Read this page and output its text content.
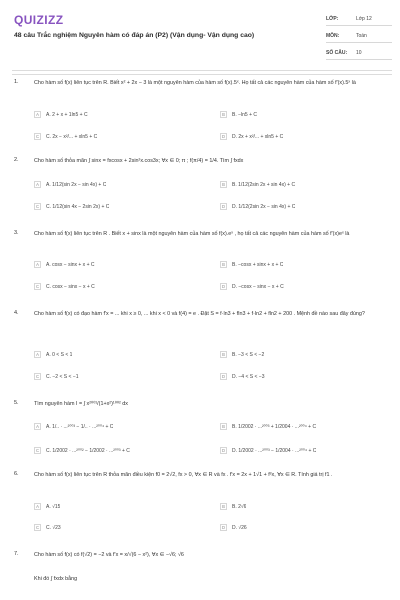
QUIZIZZ
48 câu Trắc nghiệm Nguyên hàm có đáp án (P2) (Vận dụng- Vận dụng cao)
LỚP:	Lớp 12
MÔN:	Toán
SỐ CÂU:	10
1.	Cho hàm số f(x) liên tục trên R. Biết x² + 2x − 3 là một nguyên hàm của hàm số f(x).5ˣ. Họ tất cả các nguyên hàm của hàm số f'(x).5ˣ là
A	A. 2 + x + 1ln5 + C	B	B. −ln5 + C
C	C. 2x − x²/... + xln5 + C	D	D. 2x + x²/... + xln5 + C
2.	Cho hàm số thỏa mãn ∫ sinx = fxcosx + 2sin²x.cos3x; ∀x ∈ 0; π ; f(π/4) = 1/4. Tìm ∫ fxdx
A	A. 1/12(sin 2x − sin 4x) + C	B	B. 1/12(2sin 2x + sin 4x) + C
C	C. 1/12(sin 4x − 2sin 2x) + C	D	D. 1/12(2sin 2x − sin 4x) + C
3.	Cho hàm số f(x) liên tục trên R . Biết x + sinx là một nguyên hàm của hàm số f(x).eˣ , họ tất cả các nguyên hàm của hàm số f'(x)eˣ là
A	A. cosx − sinx + x + C	B	B. −cosx + sinx + x + C
C	C. cosx − sinx − x + C	D	D. −cosx − sinx − x + C
4.	Cho hàm số f(x) có đạo hàm f'x = ... khi x ≥ 0, ... khi x < 0 và f(4) = e . Đặt S = f·ln3 + fln3 + f·ln2 + fln2 + 200 . Mệnh đề nào sau đây đúng?
A	A. 0 < S < 1	B	B. −3 < S < −2
C	C. −2 < S < −1	D	D. −4 < S < −3
5.	Tìm nguyên hàm I = ∫ x²⁰⁰¹/(1+x²)¹⁰⁰² dx
A	A. 1/.. · ...²⁰⁰³ − 1/.. · ...²⁰⁰⁴ + C	B	B. 1/2002 · ...²⁰⁰³ + 1/2004 · ...²⁰⁰⁴ + C
C	C. 1/2002 · ...²⁰⁰² − 1/2002 · ...²⁰⁰³ + C	D	D. 1/2002 · ...²⁰⁰³ − 1/2004 · ...²⁰⁰⁴ + C
6.	Cho hàm số f(x) liên tục trên R thỏa mãn điều kiện f0 = 2√2, fx > 0, ∀x ∈ R và fx . f'x = 2x + 1√1 + f²x, ∀x ∈ R. Tính giá trị f1 .
A	A. √15	B	B. 2√6
C	C. √23	D	D. √26
7.	Cho hàm số f(x) có f(√2) = −2 và f'x = x/√(6 − x²), ∀x ∈ −√6; √6
Khi đó ∫ fxdx bằng
